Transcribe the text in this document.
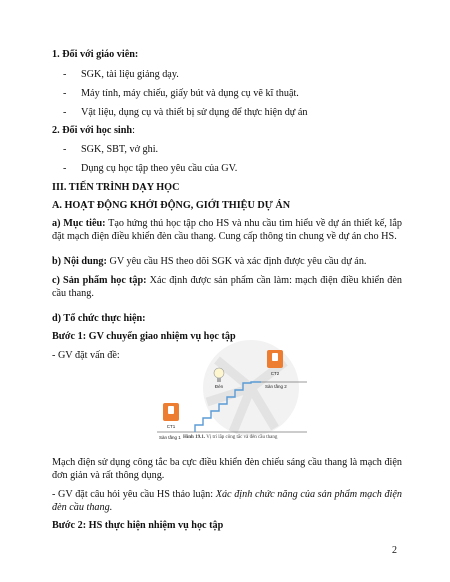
1. Đối với giáo viên:
- SGK, tài liệu giảng dạy.
- Máy tính, máy chiếu, giấy bút và dụng cụ vẽ kĩ thuật.
- Vật liệu, dụng cụ và thiết bị sử dụng để thực hiện dự án
2. Đối với học sinh:
- SGK, SBT, vở ghi.
- Dụng cụ học tập theo yêu cầu của GV.
III. TIẾN TRÌNH DẠY HỌC
A. HOẠT ĐỘNG KHỞI ĐỘNG, GIỚI THIỆU DỰ ÁN
a) Mục tiêu: Tạo hứng thú học tập cho HS và nhu cầu tìm hiểu về dự án thiết kế, lắp đặt mạch điện điều khiển đèn cầu thang. Cung cấp thông tin chung về dự án cho HS.
b) Nội dung: GV yêu cầu HS theo dõi SGK và xác định được yêu cầu dự án.
c) Sản phẩm học tập: Xác định được sản phẩm cần làm: mạch điện điều khiển đèn cầu thang.
d) Tổ chức thực hiện:
Bước 1: GV chuyển giao nhiệm vụ học tập
- GV đặt vấn đề:
CT1
Sàn tầng 1
CT2
Sàn tầng 2
Đèn
Hình 19.1. Vị trí lắp công tắc và đèn cầu thang
Mạch điện sử dụng công tắc ba cực điều khiển đèn chiếu sáng cầu thang là mạch điện đơn giản và rất thông dụng.
- GV đặt câu hỏi yêu cầu HS thảo luận: Xác định chức năng của sản phẩm mạch điện đèn cầu thang.
Bước 2: HS thực hiện nhiệm vụ học tập
2
